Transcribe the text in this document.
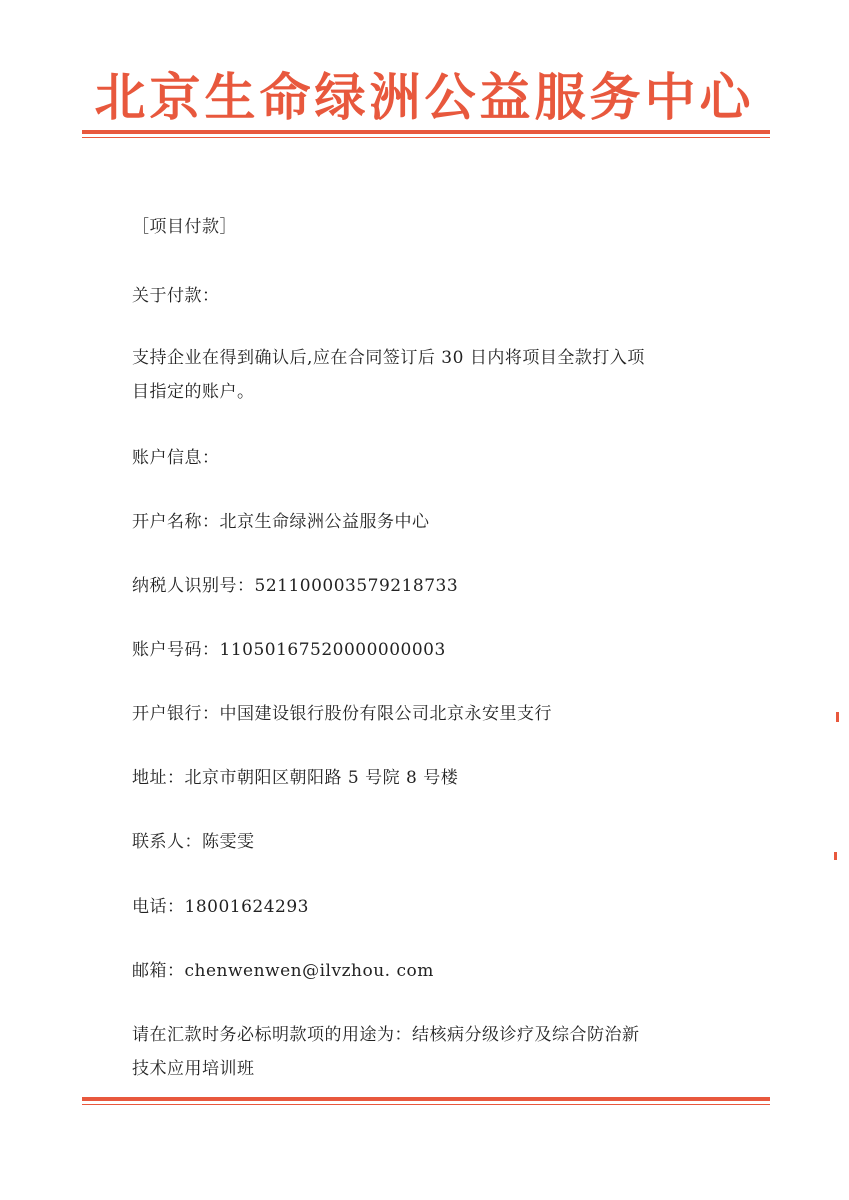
北京生命绿洲公益服务中心
［项目付款］
关于付款：
支持企业在得到确认后,应在合同签订后 30 日内将项目全款打入项
目指定的账户。
账户信息：
开户名称：北京生命绿洲公益服务中心
纳税人识别号：521100003579218733
账户号码：11050167520000000003
开户银行：中国建设银行股份有限公司北京永安里支行
地址：北京市朝阳区朝阳路 5 号院 8 号楼
联系人：陈雯雯
电话：18001624293
邮箱：chenwenwen@ilvzhou. com
请在汇款时务必标明款项的用途为：结核病分级诊疗及综合防治新
技术应用培训班
